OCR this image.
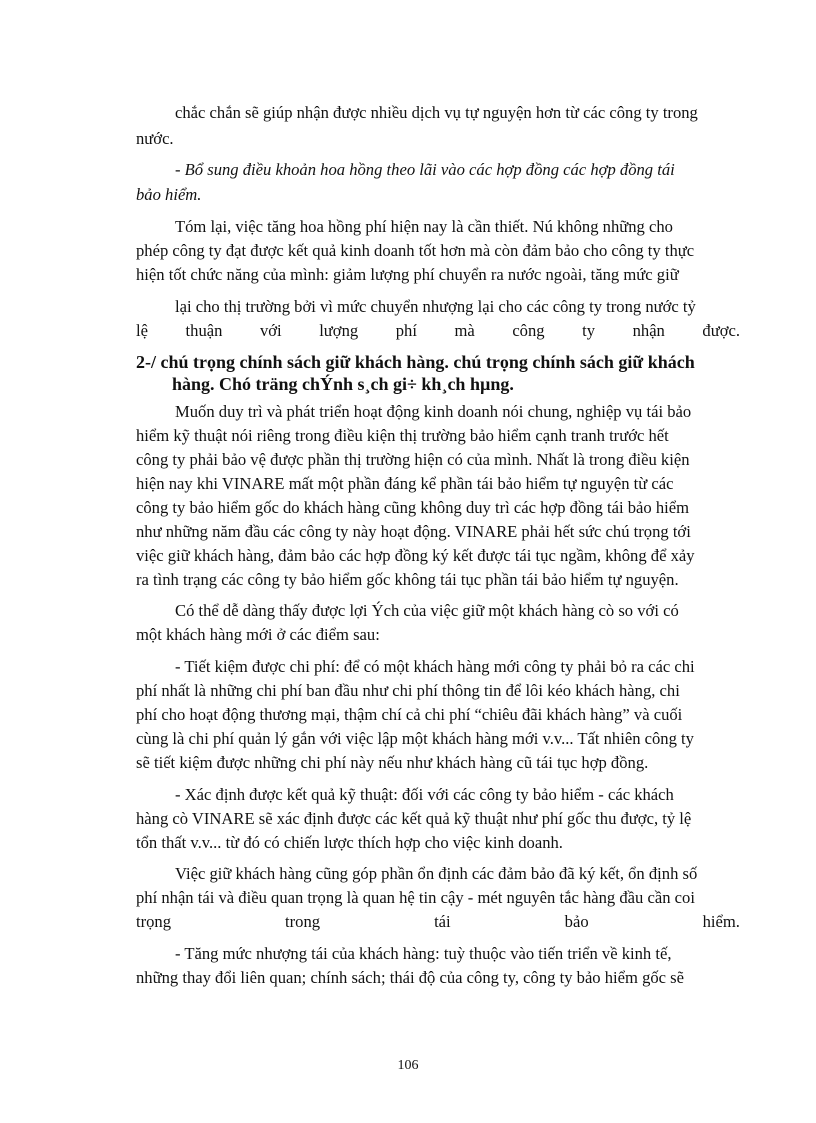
chắc chắn sẽ giúp nhận được nhiều dịch vụ tự nguyện hơn từ các công ty trong
nước.
- Bổ sung điều khoản hoa hồng theo lãi vào các hợp đồng các hợp đồng tái
bảo hiểm.
Tóm lại, việc tăng hoa hồng phí hiện nay là cần thiết. Nú không những cho
phép công ty đạt được kết quả kinh doanh tốt hơn mà còn đảm bảo cho công ty thực
hiện tốt chức năng của mình: giảm lượng phí chuyển ra nước ngoài, tăng mức giữ
lại cho thị trường bởi vì mức chuyển nhượng lại cho các công ty trong nước tỷ
lệ thuận với lượng phí mà công ty nhận được.
2-/ chú trọng chính sách giữ khách hàng. chú trọng chính sách giữ khách
hàng. Chó träng chÝnh s¸ch gi÷ kh¸ch hµng.
Muốn duy trì và phát triển hoạt động kinh doanh nói chung, nghiệp vụ tái bảo
hiểm kỹ thuật nói riêng trong điều kiện thị trường bảo hiểm cạnh tranh trước hết
công ty phải bảo vệ được phần thị trường hiện có của mình. Nhất là trong điều kiện
hiện nay khi VINARE mất một phần đáng kể phần tái bảo hiểm tự nguyện từ các
công ty bảo hiểm gốc do khách hàng cũng không duy trì các hợp đồng tái bảo hiểm
như những năm đầu các công ty này hoạt động. VINARE phải hết sức chú trọng tới
việc giữ khách hàng, đảm bảo các hợp đồng ký kết được tái tục ngầm, không để xảy
ra tình trạng các công ty bảo hiểm gốc không tái tục phần tái bảo hiểm tự nguyện.
Có thể dễ dàng thấy được lợi Ých của việc giữ một khách hàng cò so với có
một khách hàng mới ở các điểm sau:
- Tiết kiệm được chi phí: để có một khách hàng mới công ty phải bỏ ra các chi
phí nhất là những chi phí ban đầu như chi phí thông tin để lôi kéo khách hàng, chi
phí cho hoạt động thương mại, thậm chí cả chi phí “chiêu đãi khách hàng” và cuối
cùng là chi phí quản lý gắn với việc lập một khách hàng mới v.v... Tất nhiên công ty
sẽ tiết kiệm được những chi phí này nếu như khách hàng cũ tái tục hợp đồng.
- Xác định được kết quả kỹ thuật: đối với các công ty bảo hiểm - các khách
hàng cò VINARE sẽ xác định được các kết quả kỹ thuật như phí gốc thu được, tỷ lệ
tổn thất v.v... từ đó có chiến lược thích hợp cho việc kinh doanh.
Việc giữ khách hàng cũng góp phần ổn định các đảm bảo đã ký kết, ổn định số
phí nhận tái và điều quan trọng là quan hệ tin cậy - mét nguyên tắc hàng đầu cần coi
trọng	trong	tái	bảo	hiểm.
- Tăng mức nhượng tái của khách hàng: tuỳ thuộc vào tiến triển về kinh tế,
những thay đổi liên quan; chính sách; thái độ của công ty, công ty bảo hiểm gốc sẽ
106
